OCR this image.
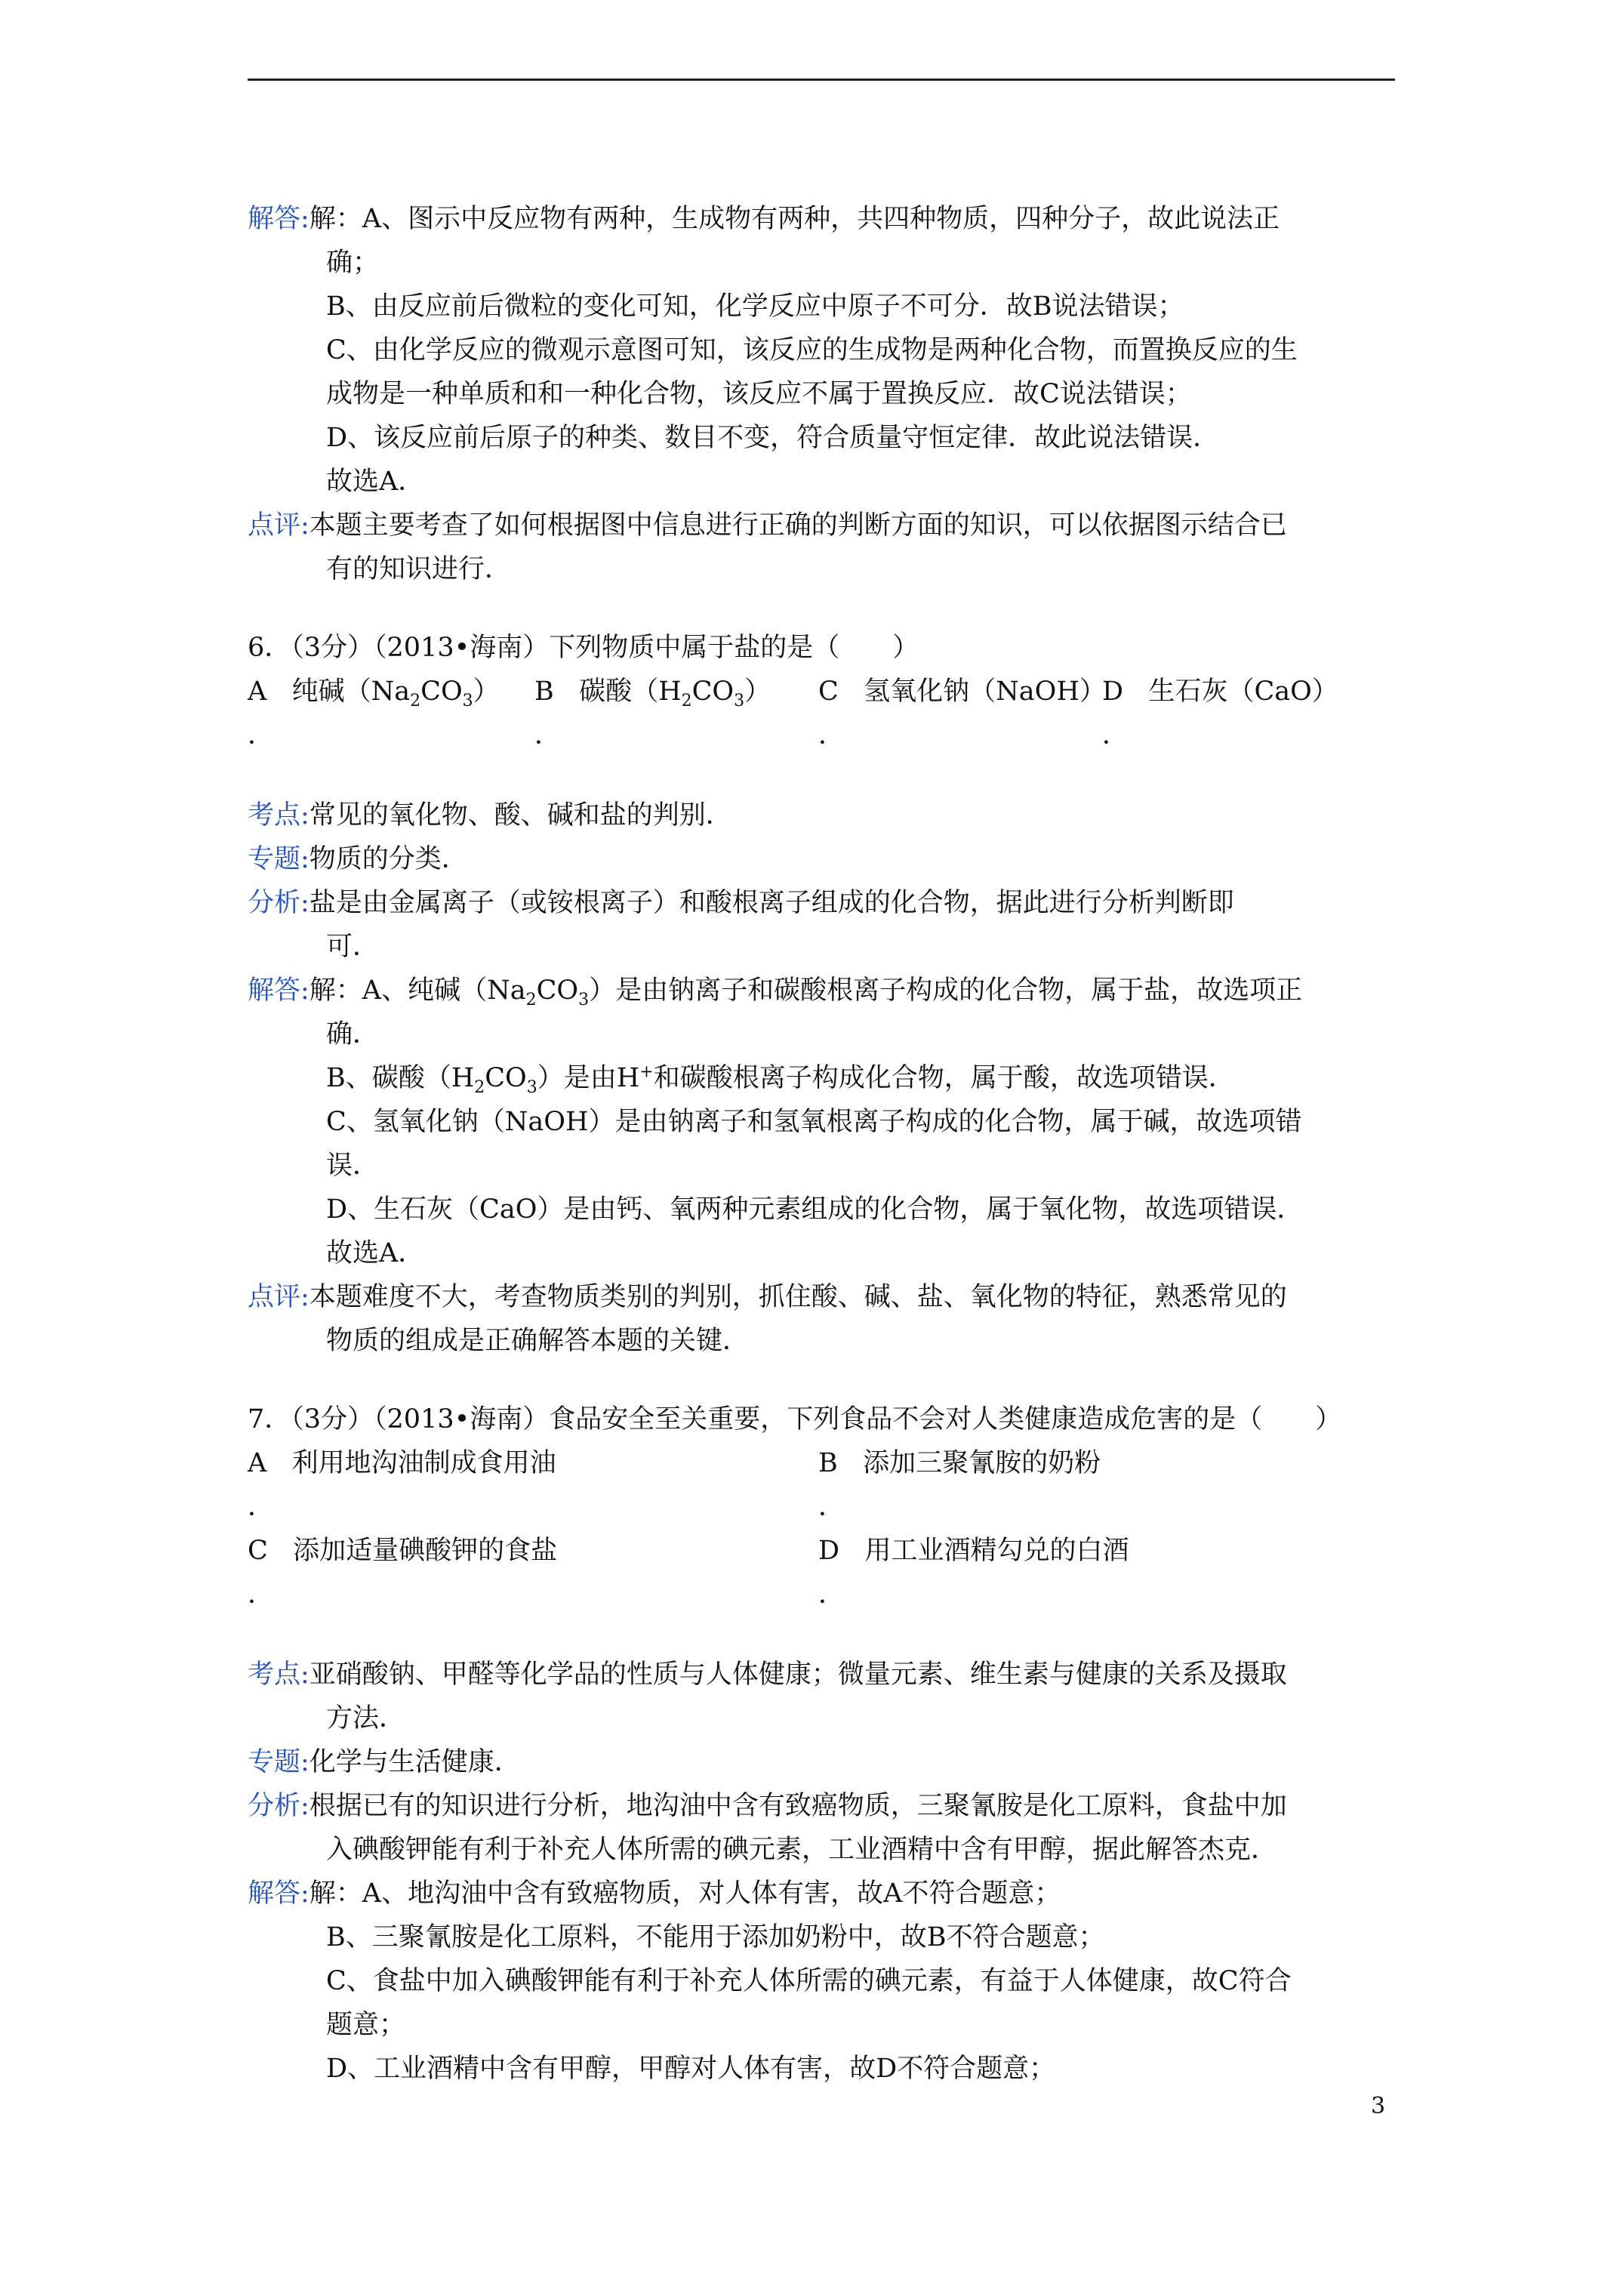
解答:解：A、图示中反应物有两种，生成物有两种，共四种物质，四种分子，故此说法正
确；
B、由反应前后微粒的变化可知，化学反应中原子不可分．故B说法错误；
C、由化学反应的微观示意图可知，该反应的生成物是两种化合物，而置换反应的生
成物是一种单质和和一种化合物，该反应不属于置换反应．故C说法错误；
D、该反应前后原子的种类、数目不变，符合质量守恒定律．故此说法错误．
故选A．
点评:本题主要考查了如何根据图中信息进行正确的判断方面的知识，可以依据图示结合已
有的知识进行．
6．（3分）（2013•海南）下列物质中属于盐的是（　　）
A 纯碱$(Na_2CO_3)$ B 碳酸$(H_2CO_3)$ C 氢氧化钠（NaOH）
D 生石灰（CaO）
．	．	．	．
考点:常见的氧化物、酸、碱和盐的判别．
专题:物质的分类．
分析:盐是由金属离子（或铵根离子）和酸根离子组成的化合物，据此进行分析判断即
可．
解答:解：A、纯碱$(Na_2CO_3)$是由钠离子和碳酸根离子构成的化合物，属于盐，故选项正
确．
B、碳酸$(H_2CO_3)$是由H+和碳酸根离子构成化合物，属于酸，故选项错误．
C、氢氧化钠（NaOH）是由钠离子和氢氧根离子构成的化合物，属于碱，故选项错
误．
D、生石灰（CaO）是由钙、氧两种元素组成的化合物，属于氧化物，故选项错误．
故选A．
点评:本题难度不大，考查物质类别的判别，抓住酸、碱、盐、氧化物的特征，熟悉常见的
物质的组成是正确解答本题的关键．
7．（3分）（2013•海南）食品安全至关重要，下列食品不会对人类健康造成危害的是（　　）
A 利用地沟油制成食用油	B 添加三聚氰胺的奶粉
．	．
C 添加适量碘酸钾的食盐	D 用工业酒精勾兑的白酒
．	．
考点:亚硝酸钠、甲醛等化学品的性质与人体健康；微量元素、维生素与健康的关系及摄取
方法．
专题:化学与生活健康．
分析:根据已有的知识进行分析，地沟油中含有致癌物质，三聚氰胺是化工原料，食盐中加
入碘酸钾能有利于补充人体所需的碘元素，工业酒精中含有甲醇，据此解答杰克．
解答:解：A、地沟油中含有致癌物质，对人体有害，故A不符合题意；
B、三聚氰胺是化工原料，不能用于添加奶粉中，故B不符合题意；
C、食盐中加入碘酸钾能有利于补充人体所需的碘元素，有益于人体健康，故C符合
题意；
D、工业酒精中含有甲醇，甲醇对人体有害，故D不符合题意；
3
